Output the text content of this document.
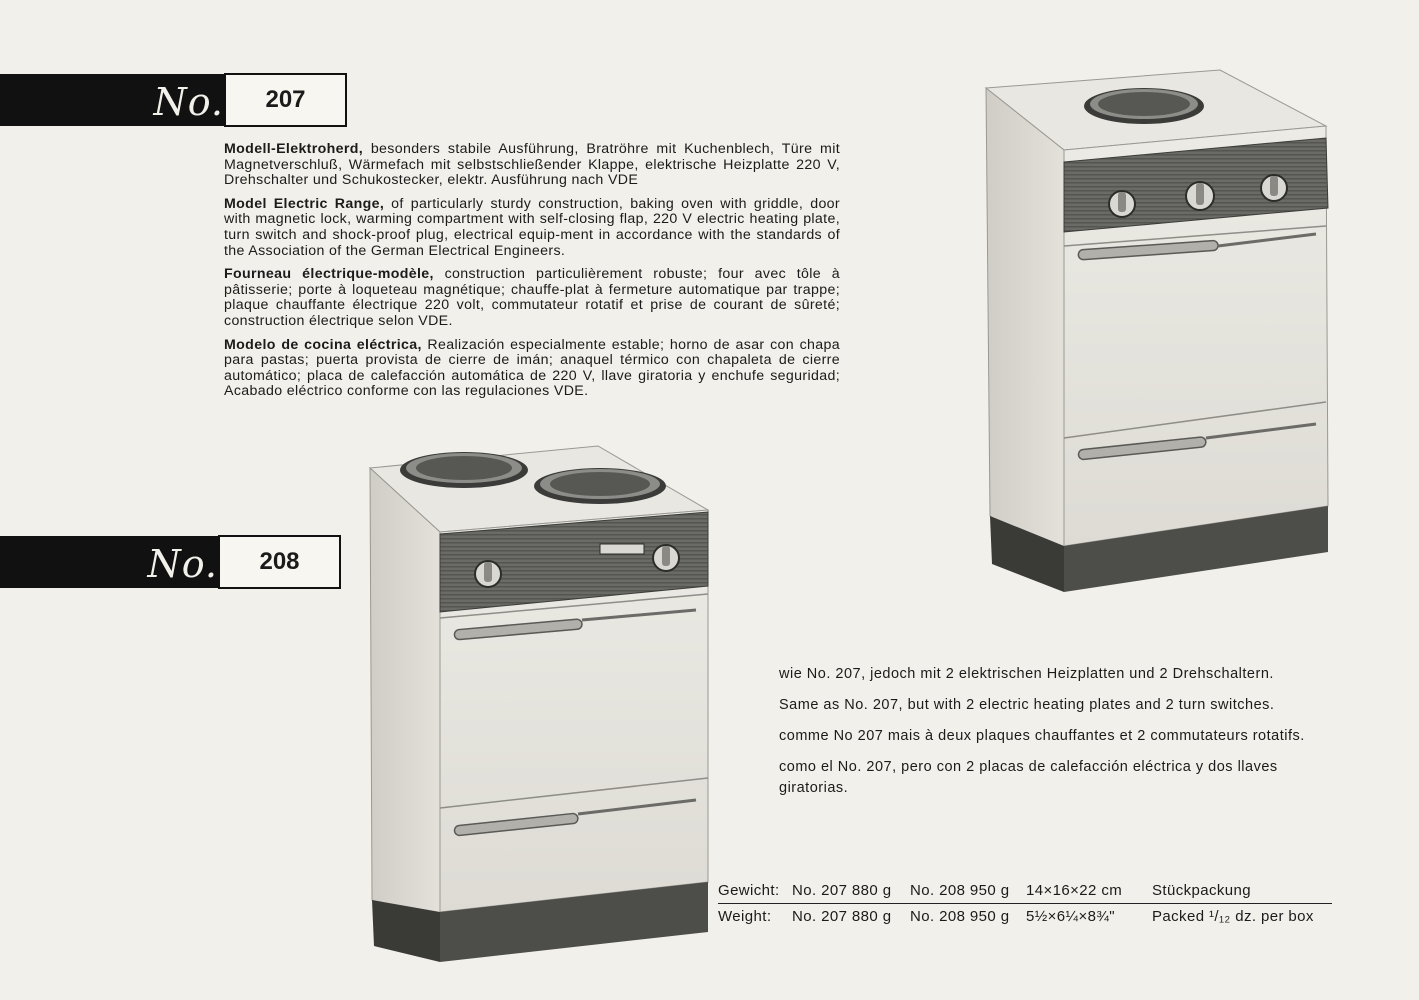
No. 207
No. 208

Modell-Elektroherd, besonders stabile Ausführung, Bratröhre mit Kuchenblech, Türe mit Magnetverschluß, Wärmefach mit selbstschließender Klappe, elektrische Heizplatte 220 V, Drehschalter und Schukostecker, elektr. Ausführung nach VDE

Model Electric Range, of particularly sturdy construction, baking oven with griddle, door with magnetic lock, warming compartment with self-closing flap, 220 V electric heating plate, turn switch and shock-proof plug, electrical equip-ment in accordance with the standards of the Association of the German Electrical Engineers.

Fourneau électrique-modèle, construction particulièrement robuste; four avec tôle à pâtisserie; porte à loqueteau magnétique; chauffe-plat à fermeture automatique par trappe; plaque chauffante électrique 220 volt, commutateur rotatif et prise de courant de sûreté; construction électrique selon VDE.

Modelo de cocina eléctrica, Realización especialmente estable; horno de asar con chapa para pastas; puerta provista de cierre de imán; anaquel térmico con chapaleta de cierre automático; placa de calefacción automática de 220 V, llave giratoria y enchufe seguridad; Acabado eléctrico conforme con las regulaciones VDE.

wie No. 207, jedoch mit 2 elektrischen Heizplatten und 2 Drehschaltern.

Same as No. 207, but with 2 electric heating plates and 2 turn switches.

comme No 207 mais à deux plaques chauffantes et 2 commutateurs rotatifs.

como el No. 207, pero con 2 placas de calefacción eléctrica y dos llaves giratorias.

Gewicht: No. 207 880 g	No. 208 950 g	14×16×22 cm	Stückpackung
Weight:	No. 207 880 g	No. 208 950 g	5½×6¼×8¾"	Packed ¹/₁₂ dz. per box
